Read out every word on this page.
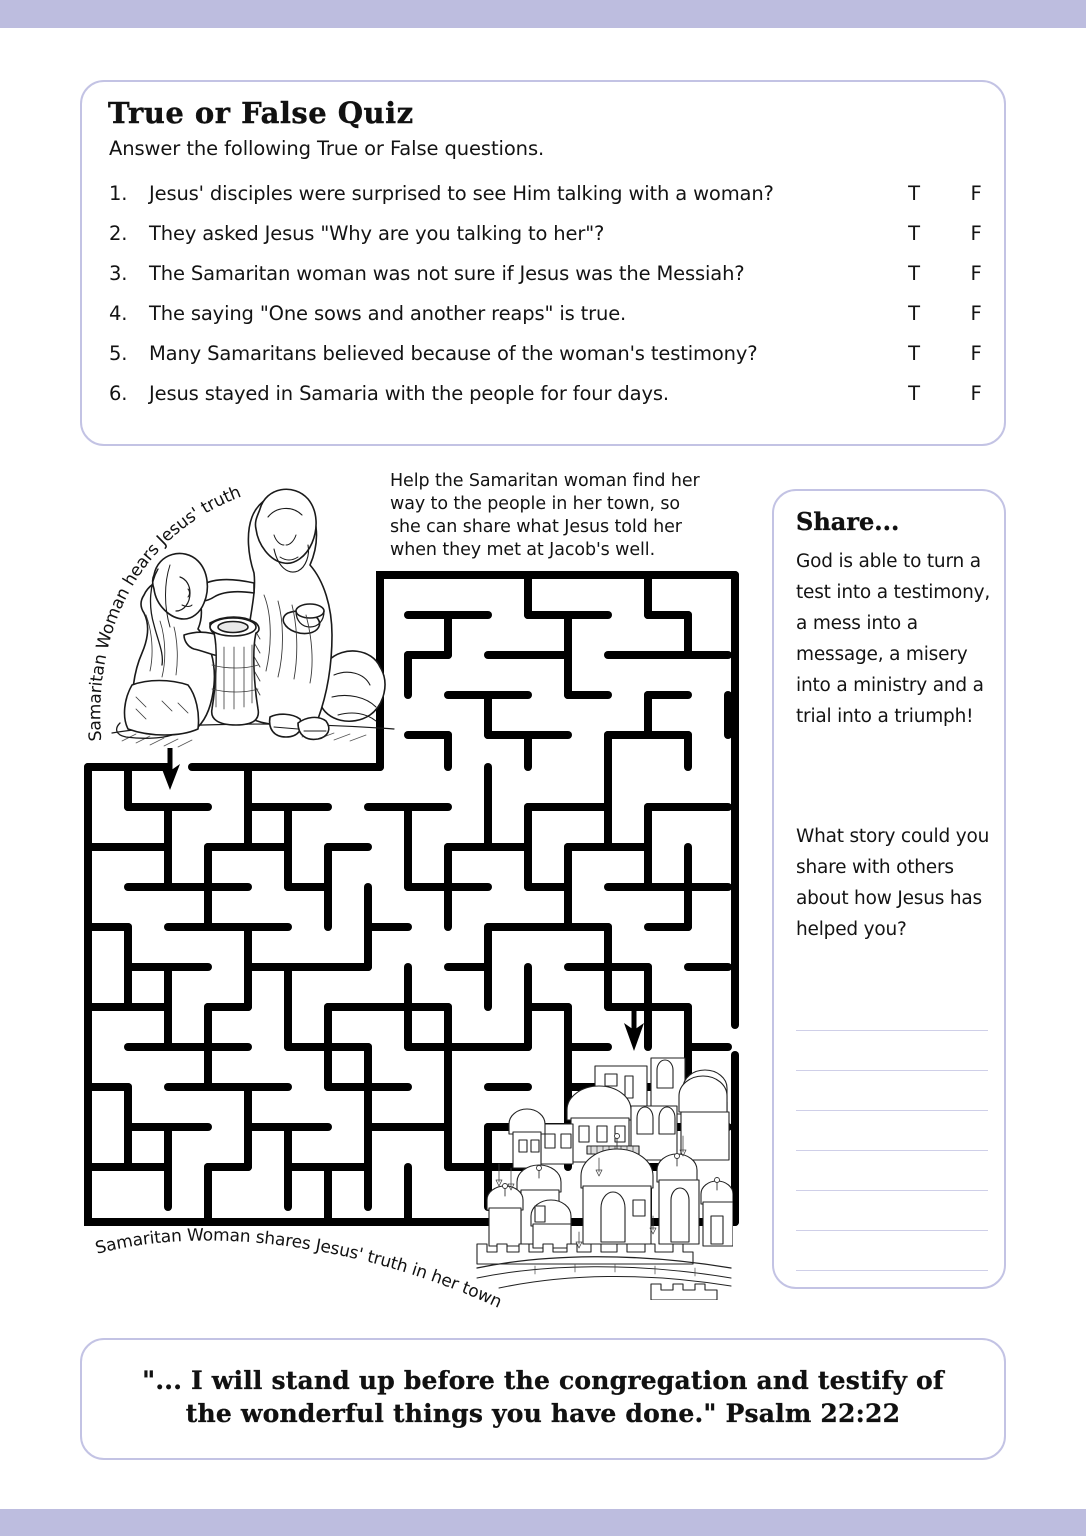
True or False Quiz
Answer the following True or False questions.
1.	Jesus' disciples were surprised to see Him talking with a woman?	T	F
2.	They asked Jesus "Why are you talking to her"?	T	F
3.	The Samaritan woman was not sure if Jesus was the Messiah?	T	F
4.	The saying "One sows and another reaps" is true.	T	F
5.	Many Samaritans believed because of the woman's testimony?	T	F
6.	Jesus stayed in Samaria with the people for four days.	T	F
Help the Samaritan woman find her way to the people in her town, so she can share what Jesus told her when they met at Jacob's well.
Samaritan Woman hears Jesus' truth
Samaritan Woman shares Jesus' truth in her town
Share...
God is able to turn a test into a testimony, a mess into a message, a misery into a ministry and a trial into a triumph!
What story could you share with others about how Jesus has helped you?
"... I will stand up before the congregation and testify of
the wonderful things you have done." Psalm 22:22
